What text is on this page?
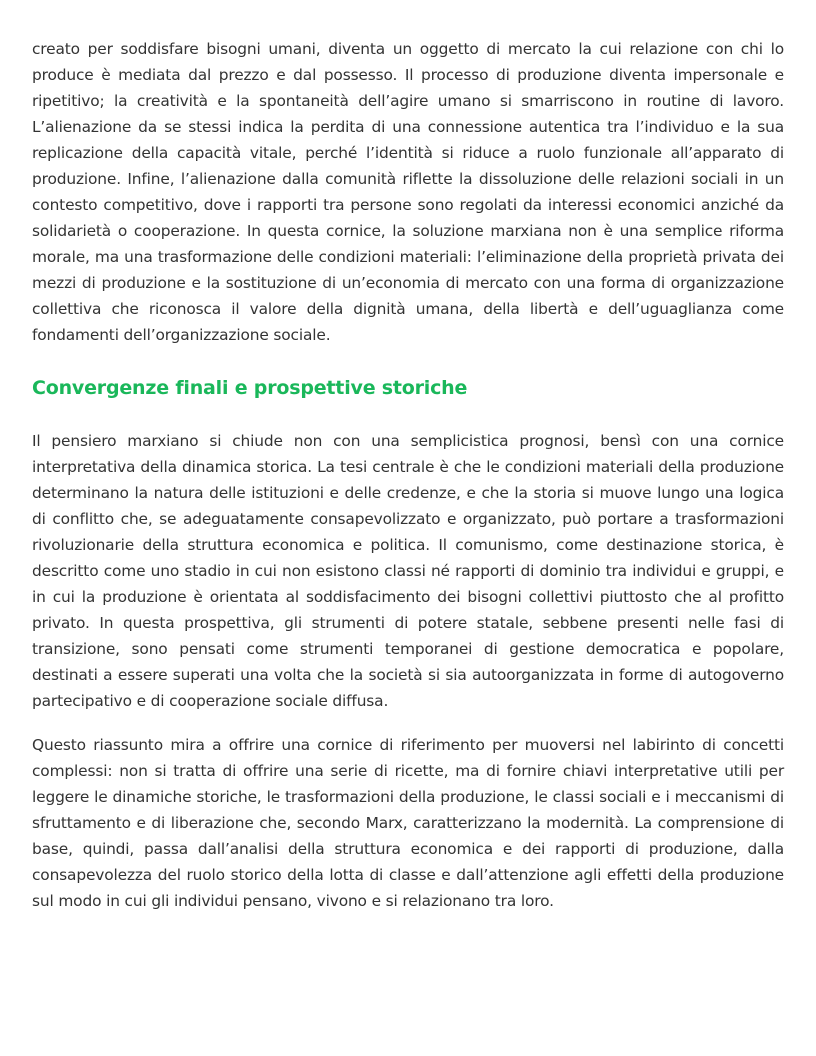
creato per soddisfare bisogni umani, diventa un oggetto di mercato la cui relazione con chi lo produce è mediata dal prezzo e dal possesso. Il processo di produzione diventa impersonale e ripetitivo; la creatività e la spontaneità dell’agire umano si smarriscono in routine di lavoro. L’alienazione da se stessi indica la perdita di una connessione autentica tra l’individuo e la sua replicazione della capacità vitale, perché l’identità si riduce a ruolo funzionale all’apparato di produzione. Infine, l’alienazione dalla comunità riflette la dissoluzione delle relazioni sociali in un contesto competitivo, dove i rapporti tra persone sono regolati da interessi economici anziché da solidarietà o cooperazione. In questa cornice, la soluzione marxiana non è una semplice riforma morale, ma una trasformazione delle condizioni materiali: l’eliminazione della proprietà privata dei mezzi di produzione e la sostituzione di un’economia di mercato con una forma di organizzazione collettiva che riconosca il valore della dignità umana, della libertà e dell’uguaglianza come fondamenti dell’organizzazione sociale.

Convergenze finali e prospettive storiche

Il pensiero marxiano si chiude non con una semplicistica prognosi, bensì con una cornice interpretativa della dinamica storica. La tesi centrale è che le condizioni materiali della produzione determinano la natura delle istituzioni e delle credenze, e che la storia si muove lungo una logica di conflitto che, se adeguatamente consapevolizzato e organizzato, può portare a trasformazioni rivoluzionarie della struttura economica e politica. Il comunismo, come destinazione storica, è descritto come uno stadio in cui non esistono classi né rapporti di dominio tra individui e gruppi, e in cui la produzione è orientata al soddisfacimento dei bisogni collettivi piuttosto che al profitto privato. In questa prospettiva, gli strumenti di potere statale, sebbene presenti nelle fasi di transizione, sono pensati come strumenti temporanei di gestione democratica e popolare, destinati a essere superati una volta che la società si sia autoorganizzata in forme di autogoverno partecipativo e di cooperazione sociale diffusa.

Questo riassunto mira a offrire una cornice di riferimento per muoversi nel labirinto di concetti complessi: non si tratta di offrire una serie di ricette, ma di fornire chiavi interpretative utili per leggere le dinamiche storiche, le trasformazioni della produzione, le classi sociali e i meccanismi di sfruttamento e di liberazione che, secondo Marx, caratterizzano la modernità. La comprensione di base, quindi, passa dall’analisi della struttura economica e dei rapporti di produzione, dalla consapevolezza del ruolo storico della lotta di classe e dall’attenzione agli effetti della produzione sul modo in cui gli individui pensano, vivono e si relazionano tra loro.
